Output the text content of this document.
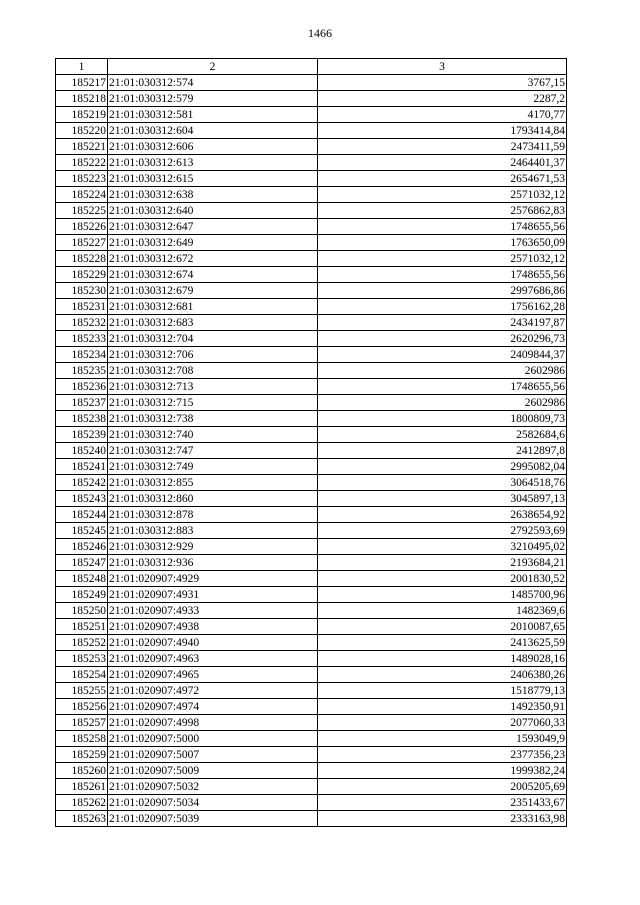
1466
1	2	3
185217	21:01:030312:574	3767,15
185218	21:01:030312:579	2287,2
185219	21:01:030312:581	4170,77
185220	21:01:030312:604	1793414,84
185221	21:01:030312:606	2473411,59
185222	21:01:030312:613	2464401,37
185223	21:01:030312:615	2654671,53
185224	21:01:030312:638	2571032,12
185225	21:01:030312:640	2576862,83
185226	21:01:030312:647	1748655,56
185227	21:01:030312:649	1763650,09
185228	21:01:030312:672	2571032,12
185229	21:01:030312:674	1748655,56
185230	21:01:030312:679	2997686,86
185231	21:01:030312:681	1756162,28
185232	21:01:030312:683	2434197,87
185233	21:01:030312:704	2620296,73
185234	21:01:030312:706	2409844,37
185235	21:01:030312:708	2602986
185236	21:01:030312:713	1748655,56
185237	21:01:030312:715	2602986
185238	21:01:030312:738	1800809,73
185239	21:01:030312:740	2582684,6
185240	21:01:030312:747	2412897,8
185241	21:01:030312:749	2995082,04
185242	21:01:030312:855	3064518,76
185243	21:01:030312:860	3045897,13
185244	21:01:030312:878	2638654,92
185245	21:01:030312:883	2792593,69
185246	21:01:030312:929	3210495,02
185247	21:01:030312:936	2193684,21
185248	21:01:020907:4929	2001830,52
185249	21:01:020907:4931	1485700,96
185250	21:01:020907:4933	1482369,6
185251	21:01:020907:4938	2010087,65
185252	21:01:020907:4940	2413625,59
185253	21:01:020907:4963	1489028,16
185254	21:01:020907:4965	2406380,26
185255	21:01:020907:4972	1518779,13
185256	21:01:020907:4974	1492350,91
185257	21:01:020907:4998	2077060,33
185258	21:01:020907:5000	1593049,9
185259	21:01:020907:5007	2377356,23
185260	21:01:020907:5009	1999382,24
185261	21:01:020907:5032	2005205,69
185262	21:01:020907:5034	2351433,67
185263	21:01:020907:5039	2333163,98
